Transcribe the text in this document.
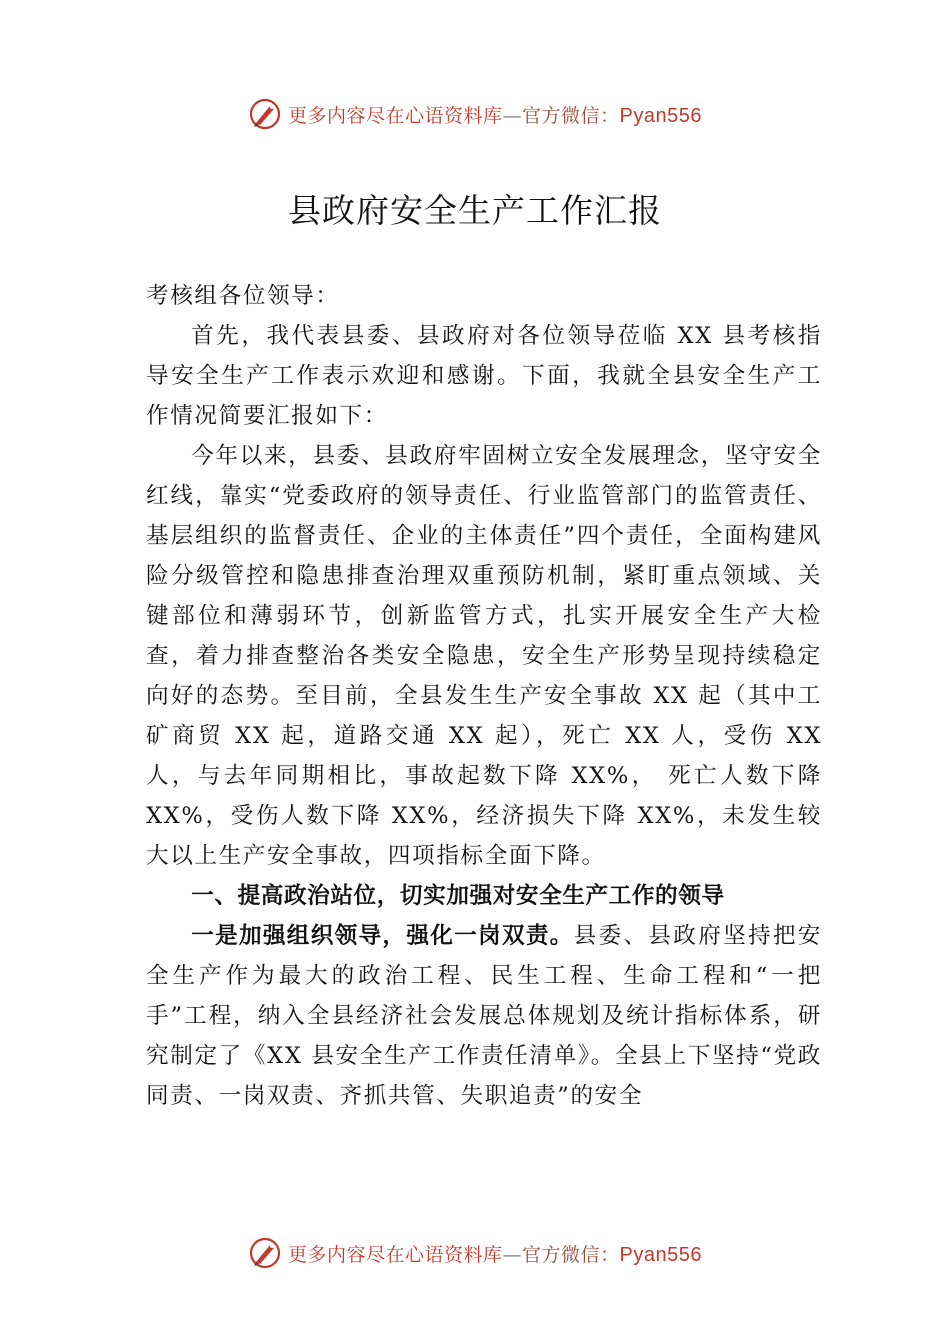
更多内容尽在心语资料库—官方微信：Pyan556
县政府安全生产工作汇报

考核组各位领导：

首先，我代表县委、县政府对各位领导莅临 XX 县考核指导安全生产工作表示欢迎和感谢。下面，我就全县安全生产工作情况简要汇报如下：

今年以来，县委、县政府牢固树立安全发展理念，坚守安全红线，靠实“党委政府的领导责任、行业监管部门的监管责任、基层组织的监督责任、企业的主体责任”四个责任，全面构建风险分级管控和隐患排查治理双重预防机制，紧盯重点领域、关键部位和薄弱环节，创新监管方式，扎实开展安全生产大检查，着力排查整治各类安全隐患，安全生产形势呈现持续稳定向好的态势。至目前，全县发生生产安全事故 XX 起（其中工矿商贸 XX 起，道路交通 XX 起），死亡 XX 人，受伤 XX 人，与去年同期相比，事故起数下降 XX%， 死亡人数下降 XX%，受伤人数下降 XX%，经济损失下降 XX%，未发生较大以上生产安全事故，四项指标全面下降。

一、提高政治站位，切实加强对安全生产工作的领导

一是加强组织领导，强化一岗双责。县委、县政府坚持把安全生产作为最大的政治工程、民生工程、生命工程和“一把手”工程，纳入全县经济社会发展总体规划及统计指标体系，研究制定了《XX 县安全生产工作责任清单》。全县上下坚持“党政同责、一岗双责、齐抓共管、失职追责”的安全

更多内容尽在心语资料库—官方微信：Pyan556
